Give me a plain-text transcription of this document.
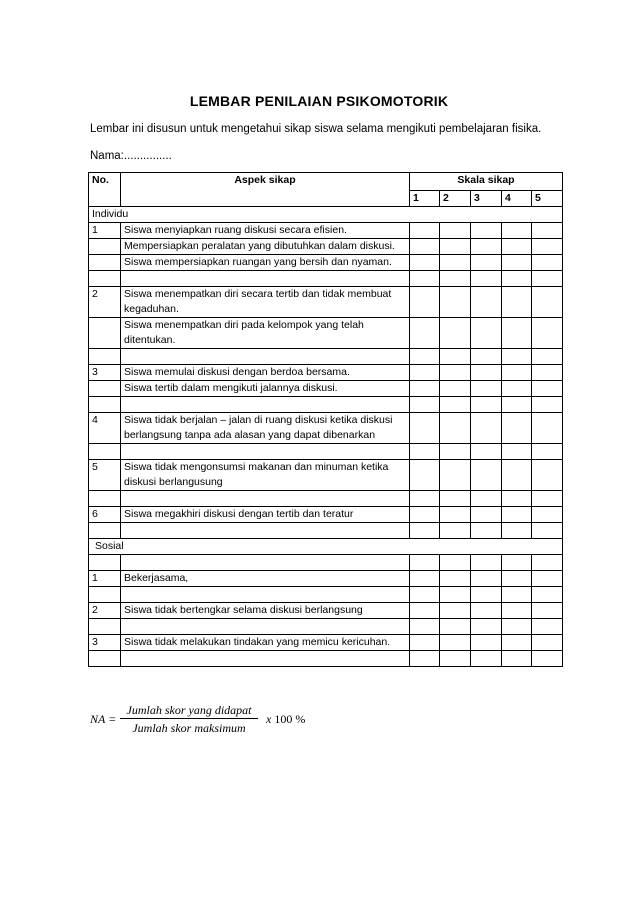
LEMBAR PENILAIAN PSIKOMOTORIK
Lembar ini disusun untuk mengetahui sikap siswa selama mengikuti pembelajaran fisika.
Nama:...............
No.	Aspek sikap	Skala sikap				
		1	2	3	4	5
Individu						
1	Siswa menyiapkan ruang diskusi secara efisien.					
	Mempersiapkan peralatan yang dibutuhkan dalam diskusi.					
	Siswa mempersiapkan ruangan yang bersih dan nyaman.					

2	Siswa menempatkan diri secara tertib dan tidak membuat kegaduhan.					
	Siswa menempatkan diri pada kelompok yang telah ditentukan.					

3	Siswa memulai diskusi dengan berdoa bersama.					
	Siswa tertib dalam mengikuti jalannya diskusi.					

4	Siswa tidak berjalan – jalan di ruang diskusi ketika diskusi berlangsung tanpa ada alasan yang dapat dibenarkan					

5	Siswa tidak mengonsumsi makanan dan minuman ketika diskusi berlangusung					

6	Siswa megakhiri diskusi dengan tertib dan teratur					

Sosial						

1	Bekerjasama,					

2	Siswa tidak bertengkar selama diskusi berlangsung					

3	Siswa tidak melakukan tindakan yang memicu kericuhan.					

NA =
Jumlah skor yang didapat
Jumlah skor maksimum
x 100 %
